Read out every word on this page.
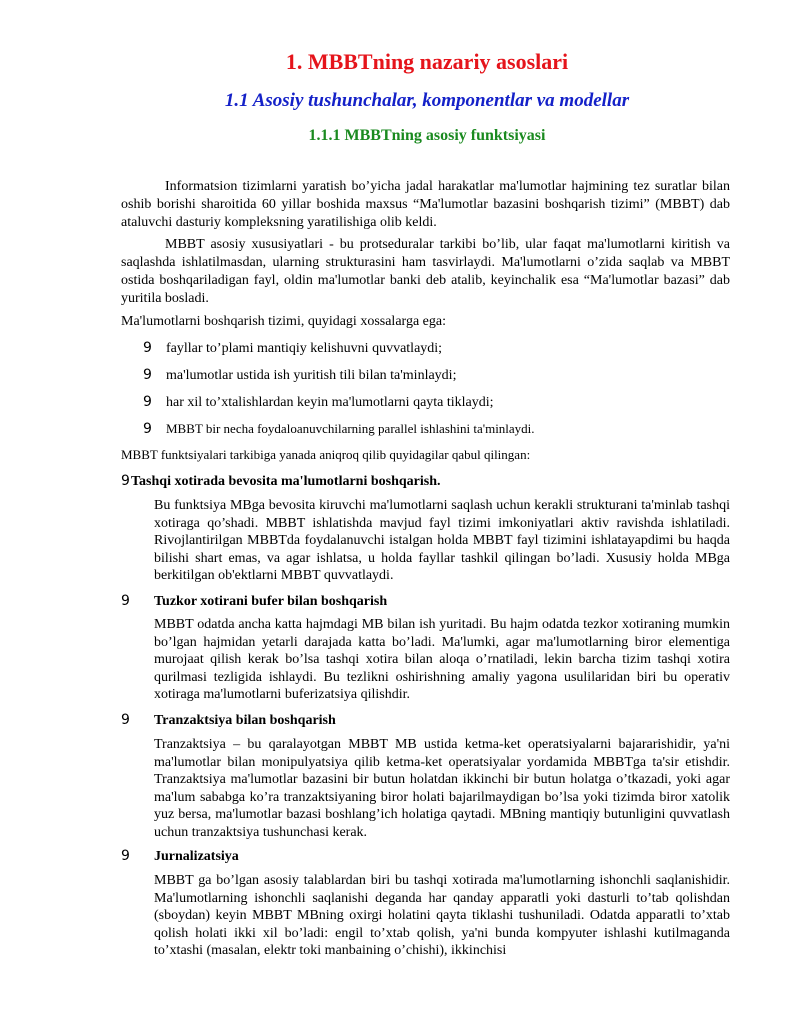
1. MBBTning nazariy asoslari
1.1 Asosiy tushunchalar, komponentlar va modellar
1.1.1 MBBTning asosiy funktsiyasi
Informatsion tizimlarni yaratish bo’yicha jadal harakatlar ma'lumotlar hajmining tez suratlar bilan oshib borishi sharoitida 60 yillar boshida maxsus “Ma'lumotlar bazasini boshqarish tizimi” (MBBT) dab ataluvchi dasturiy kompleksning yaratilishiga olib keldi.
MBBT asosiy xususiyatlari - bu protseduralar tarkibi bo’lib, ular faqat ma'lumotlarni kiritish va saqlashda ishlatilmasdan, ularning strukturasini ham tasvirlaydi. Ma'lumotlarni o’zida saqlab va MBBT ostida boshqariladigan fayl, oldin ma'lumotlar banki deb atalib, keyinchalik esa “Ma'lumotlar bazasi” dab yuritila bosladi.
Ma'lumotlarni boshqarish tizimi, quyidagi xossalarga ega:
9 fayllar to’plami mantiqiy kelishuvni quvvatlaydi;
9 ma'lumotlar ustida ish yuritish tili bilan ta'minlaydi;
9 har xil to’xtalishlardan keyin ma'lumotlarni qayta tiklaydi;
9 MBBT bir necha foydaloanuvchilarning parallel ishlashini ta'minlaydi.
MBBT funktsiyalari tarkibiga yanada aniqroq qilib quyidagilar qabul qilingan:
9Tashqi xotirada bevosita ma'lumotlarni boshqarish.
Bu funktsiya MBga bevosita kiruvchi ma'lumotlarni saqlash uchun kerakli strukturani ta'minlab tashqi xotiraga qo’shadi. MBBT ishlatishda mavjud fayl tizimi imkoniyatlari aktiv ravishda ishlatiladi. Rivojlantirilgan MBBTda foydalanuvchi istalgan holda MBBT fayl tizimini ishlatayapdimi bu haqda bilishi shart emas, va agar ishlatsa, u holda fayllar tashkil qilingan bo’ladi. Xususiy holda MBga berkitilgan ob'ektlarni MBBT quvvatlaydi.
9 Tuzkor xotirani bufer bilan boshqarish
MBBT odatda ancha katta hajmdagi MB bilan ish yuritadi. Bu hajm odatda tezkor xotiraning mumkin bo’lgan hajmidan yetarli darajada katta bo’ladi. Ma'lumki, agar ma'lumotlarning biror elementiga murojaat qilish kerak bo’lsa tashqi xotira bilan aloqa o’rnatiladi, lekin barcha tizim tashqi xotira qurilmasi tezligida ishlaydi. Bu tezlikni oshirishning amaliy yagona usulilaridan biri bu operativ xotiraga ma'lumotlarni buferizatsiya qilishdir.
9 Tranzaktsiya bilan boshqarish
Tranzaktsiya – bu qaralayotgan MBBT MB ustida ketma-ket operatsiyalarni bajararishidir, ya'ni ma'lumotlar bilan monipulyatsiya qilib ketma-ket operatsiyalar yordamida MBBTga ta'sir etishdir. Tranzaktsiya ma'lumotlar bazasini bir butun holatdan ikkinchi bir butun holatga o’tkazadi, yoki agar ma'lum sababga ko’ra tranzaktsiyaning biror holati bajarilmaydigan bo’lsa yoki tizimda biror xatolik yuz bersa, ma'lumotlar bazasi boshlang’ich holatiga qaytadi. MBning mantiqiy butunligini quvvatlash uchun tranzaktsiya tushunchasi kerak.
9 Jurnalizatsiya
MBBT ga bo’lgan asosiy talablardan biri bu tashqi xotirada ma'lumotlarning ishonchli saqlanishidir. Ma'lumotlarning ishonchli saqlanishi deganda har qanday apparatli yoki dasturli to’tab qolishdan (sboydan) keyin MBBT MBning oxirgi holatini qayta tiklashi tushuniladi. Odatda apparatli to’xtab qolish holati ikki xil bo’ladi: engil to’xtab qolish, ya'ni bunda kompyuter ishlashi kutilmaganda to’xtashi (masalan, elektr toki manbaining o’chishi), ikkinchisi
